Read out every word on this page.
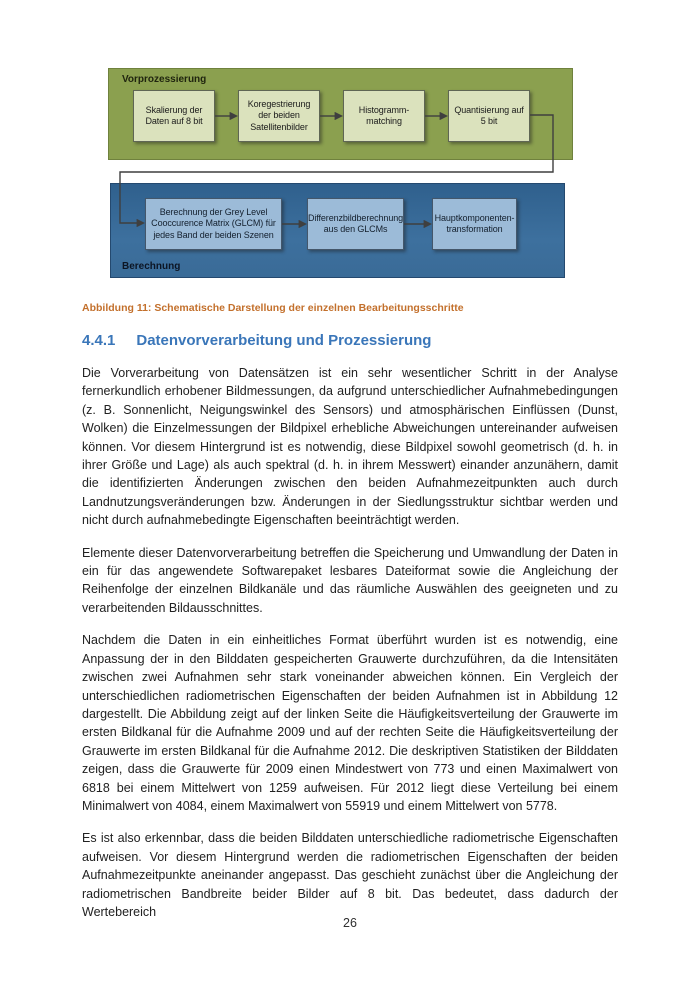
Vorprozessierung
Berechnung
Skalierung der Daten auf 8 bit
Koregestrierung der beiden Satellitenbilder
Histogramm-matching
Quantisierung auf 5 bit
Berechnung der Grey Level Cooccurence Matrix (GLCM) für jedes Band der beiden Szenen
Differenzbildberechnung aus den GLCMs
Hauptkomponenten-transformation
Abbildung 11: Schematische Darstellung der einzelnen Bearbeitungsschritte
4.4.1 Datenvorverarbeitung und Prozessierung

Die Vorverarbeitung von Datensätzen ist ein sehr wesentlicher Schritt in der Analyse fernerkundlich erhobener Bildmessungen, da aufgrund unterschiedlicher Aufnahmebedingungen (z. B. Sonnenlicht, Neigungswinkel des Sensors) und atmosphärischen Einflüssen (Dunst, Wolken) die Einzelmessungen der Bildpixel erhebliche Abweichungen untereinander aufweisen können. Vor diesem Hintergrund ist es notwendig, diese Bildpixel sowohl geometrisch (d. h. in ihrer Größe und Lage) als auch spektral (d. h. in ihrem Messwert) einander anzunähern, damit die identifizierten Änderungen zwischen den beiden Aufnahmezeitpunkten auch durch Landnutzungsveränderungen bzw. Änderungen in der Siedlungsstruktur sichtbar werden und nicht durch aufnahmebedingte Eigenschaften beeinträchtigt werden.

Elemente dieser Datenvorverarbeitung betreffen die Speicherung und Umwandlung der Daten in ein für das angewendete Softwarepaket lesbares Dateiformat sowie die Angleichung der Reihenfolge der einzelnen Bildkanäle und das räumliche Auswählen des geeigneten und zu verarbeitenden Bildausschnittes.

Nachdem die Daten in ein einheitliches Format überführt wurden ist es notwendig, eine Anpassung der in den Bilddaten gespeicherten Grauwerte durchzuführen, da die Intensitäten zwischen zwei Aufnahmen sehr stark voneinander abweichen können. Ein Vergleich der unterschiedlichen radiometrischen Eigenschaften der beiden Aufnahmen ist in Abbildung 12 dargestellt. Die Abbildung zeigt auf der linken Seite die Häufigkeitsverteilung der Grauwerte im ersten Bildkanal für die Aufnahme 2009 und auf der rechten Seite die Häufigkeitsverteilung der Grauwerte im ersten Bildkanal für die Aufnahme 2012. Die deskriptiven Statistiken der Bilddaten zeigen, dass die Grauwerte für 2009 einen Mindestwert von 773 und einen Maximalwert von 6818 bei einem Mittelwert von 1259 aufweisen. Für 2012 liegt diese Verteilung bei einem Minimalwert von 4084, einem Maximalwert von 55919 und einem Mittelwert von 5778.

Es ist also erkennbar, dass die beiden Bilddaten unterschiedliche radiometrische Eigenschaften aufweisen. Vor diesem Hintergrund werden die radiometrischen Eigenschaften der beiden Aufnahmezeitpunkte aneinander angepasst. Das geschieht zunächst über die Angleichung der radiometrischen Bandbreite beider Bilder auf 8 bit. Das bedeutet, dass dadurch der Wertebereich

26
